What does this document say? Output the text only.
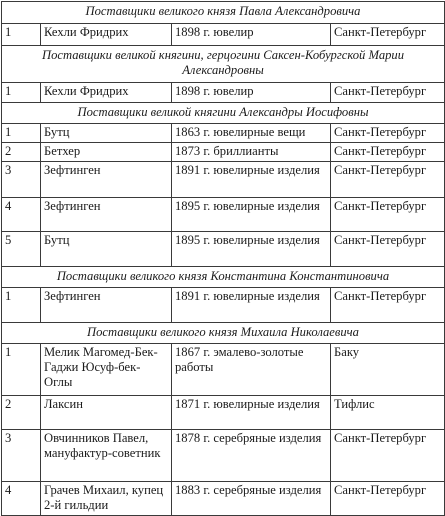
Поставщики великого князя Павла Александровича			
1	Кехли Фридрих	1898 г. ювелир	Санкт-Петербург
Поставщики великой княгини, герцогини Саксен-Кобургской Марии Александровны			
1	Кехли Фридрих	1898 г. ювелир	Санкт-Петербург
Поставщики великой княгини Александры Иосифовны			
1	Бутц	1863 г. ювелирные вещи	Санкт-Петербург
2	Бетхер	1873 г. бриллианты	Санкт-Петербург
3	Зефтинген	1891 г. ювелирные изделия	Санкт-Петербург
4	Зефтинген	1895 г. ювелирные изделия	Санкт-Петербург
5	Бутц	1895 г. ювелирные изделия	Санкт-Петербург
Поставщики великого князя Константина Константиновича			
1	Зефтинген	1891 г. ювелирные изделия	Санкт-Петербург
Поставщики великого князя Михаила Николаевича			
1	Мелик Магомед-Бек-Гаджи Юсуф-бек-Оглы	1867 г. эмалево-золотые работы	Баку
2	Лаксин	1871 г. ювелирные изделия	Тифлис
3	Овчинников Павел, мануфактур-советник	1878 г. серебряные изделия	Санкт-Петербург
4	Грачев Михаил, купец 2-й гильдии	1883 г. серебряные изделия	Санкт-Петербург
